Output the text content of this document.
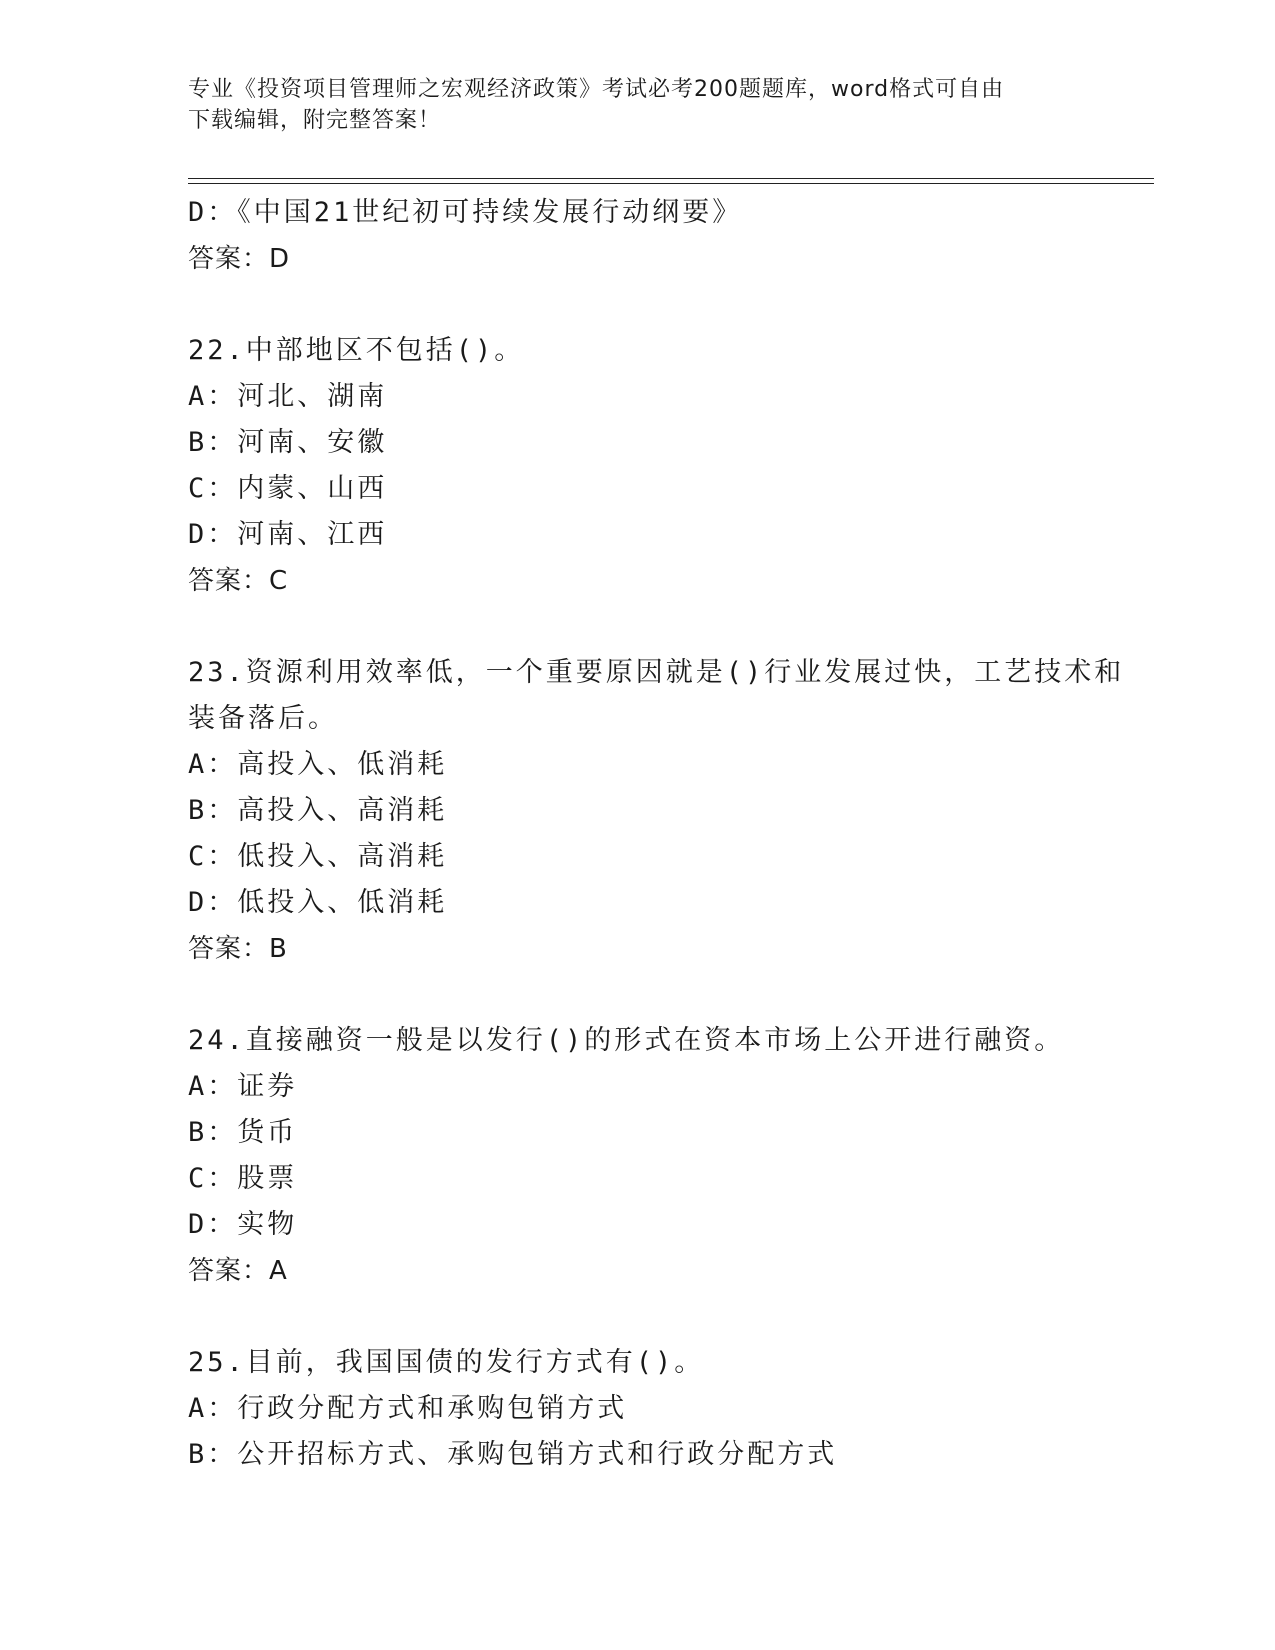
专业《投资项目管理师之宏观经济政策》考试必考200题题库，word格式可自由
下载编辑，附完整答案！
D：《中国21世纪初可持续发展行动纲要》
答案：D
22.中部地区不包括()。
A：河北、湖南
B：河南、安徽
C：内蒙、山西
D：河南、江西
答案：C
23.资源利用效率低，一个重要原因就是()行业发展过快，工艺技术和
装备落后。
A：高投入、低消耗
B：高投入、高消耗
C：低投入、高消耗
D：低投入、低消耗
答案：B
24.直接融资一般是以发行()的形式在资本市场上公开进行融资。
A：证券
B：货币
C：股票
D：实物
答案：A
25.目前，我国国债的发行方式有()。
A：行政分配方式和承购包销方式
B：公开招标方式、承购包销方式和行政分配方式
